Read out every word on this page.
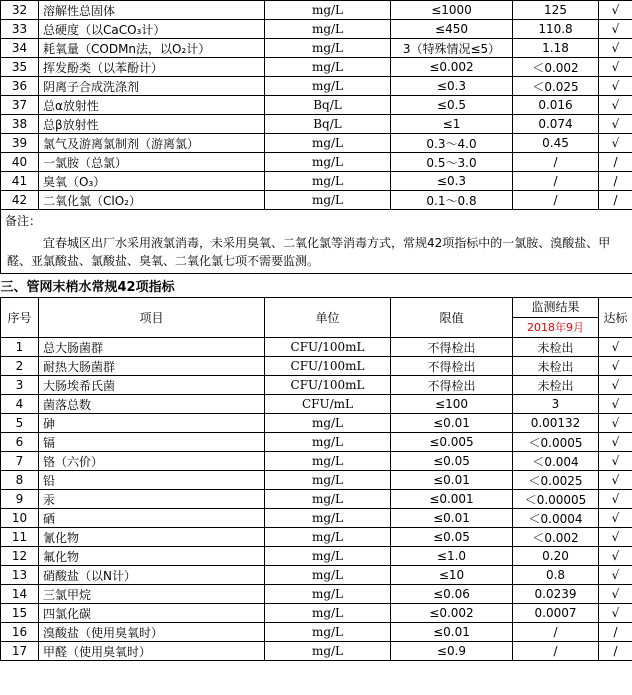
32	溶解性总固体	mg/L	≤1000	125	√
33	总硬度（以CaCO₃计）	mg/L	≤450	110.8	√
34	耗氧量（CODMn法，以O₂计）	mg/L	3（特殊情况≤5）	1.18	√
35	挥发酚类（以苯酚计）	mg/L	≤0.002	＜0.002	√
36	阴离子合成洗涤剂	mg/L	≤0.3	＜0.025	√
37	总α放射性	Bq/L	≤0.5	0.016	√
38	总β放射性	Bq/L	≤1	0.074	√
39	氯气及游离氯制剂（游离氯）	mg/L	0.3～4.0	0.45	√
40	一氯胺（总氯）	mg/L	0.5～3.0	/	/
41	臭氧（O₃）	mg/L	≤0.3	/	/
42	二氧化氯（ClO₂）	mg/L	0.1～0.8	/	/
备注：					
宜春城区出厂水采用液氯消毒，未采用臭氧、二氧化氯等消毒方式，常规42项指标中的一氯胺、溴酸盐、甲醛、亚氯酸盐、氯酸盐、臭氧、二氧化氯七项不需要监测。					
三、管网末梢水常规42项指标					
序号	项目	单位	限值	监测结果
2018年9月	达标
1	总大肠菌群	CFU/100mL	不得检出	未检出	√
2	耐热大肠菌群	CFU/100mL	不得检出	未检出	√
3	大肠埃希氏菌	CFU/100mL	不得检出	未检出	√
4	菌落总数	CFU/mL	≤100	3	√
5	砷	mg/L	≤0.01	0.00132	√
6	镉	mg/L	≤0.005	＜0.0005	√
7	铬（六价）	mg/L	≤0.05	＜0.004	√
8	铅	mg/L	≤0.01	＜0.0025	√
9	汞	mg/L	≤0.001	＜0.00005	√
10	硒	mg/L	≤0.01	＜0.0004	√
11	氰化物	mg/L	≤0.05	＜0.002	√
12	氟化物	mg/L	≤1.0	0.20	√
13	硝酸盐（以N计）	mg/L	≤10	0.8	√
14	三氯甲烷	mg/L	≤0.06	0.0239	√
15	四氯化碳	mg/L	≤0.002	0.0007	√
16	溴酸盐（使用臭氧时）	mg/L	≤0.01	/	/
17	甲醛（使用臭氧时）	mg/L	≤0.9	/	/
